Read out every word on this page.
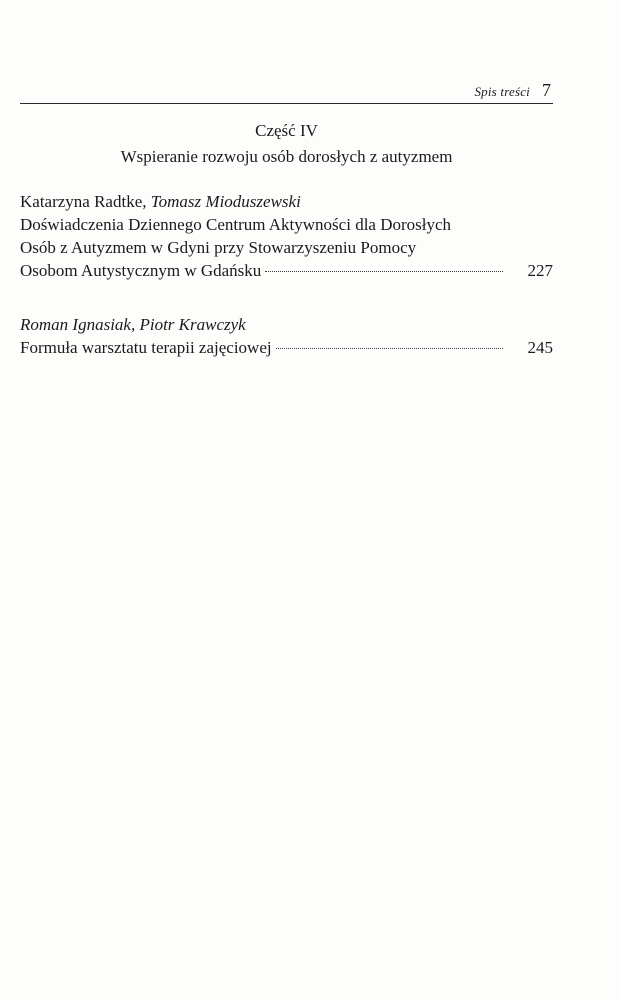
Spis treści 7
Część IV
Wspieranie rozwoju osób dorosłych z autyzmem
Katarzyna Radtke, Tomasz Mioduszewski
Doświadczenia Dziennego Centrum Aktywności dla Dorosłych
Osób z Autyzmem w Gdyni przy Stowarzyszeniu Pomocy
Osobom Autystycznym w Gdańsku	227
Roman Ignasiak, Piotr Krawczyk
Formuła warsztatu terapii zajęciowej	245
